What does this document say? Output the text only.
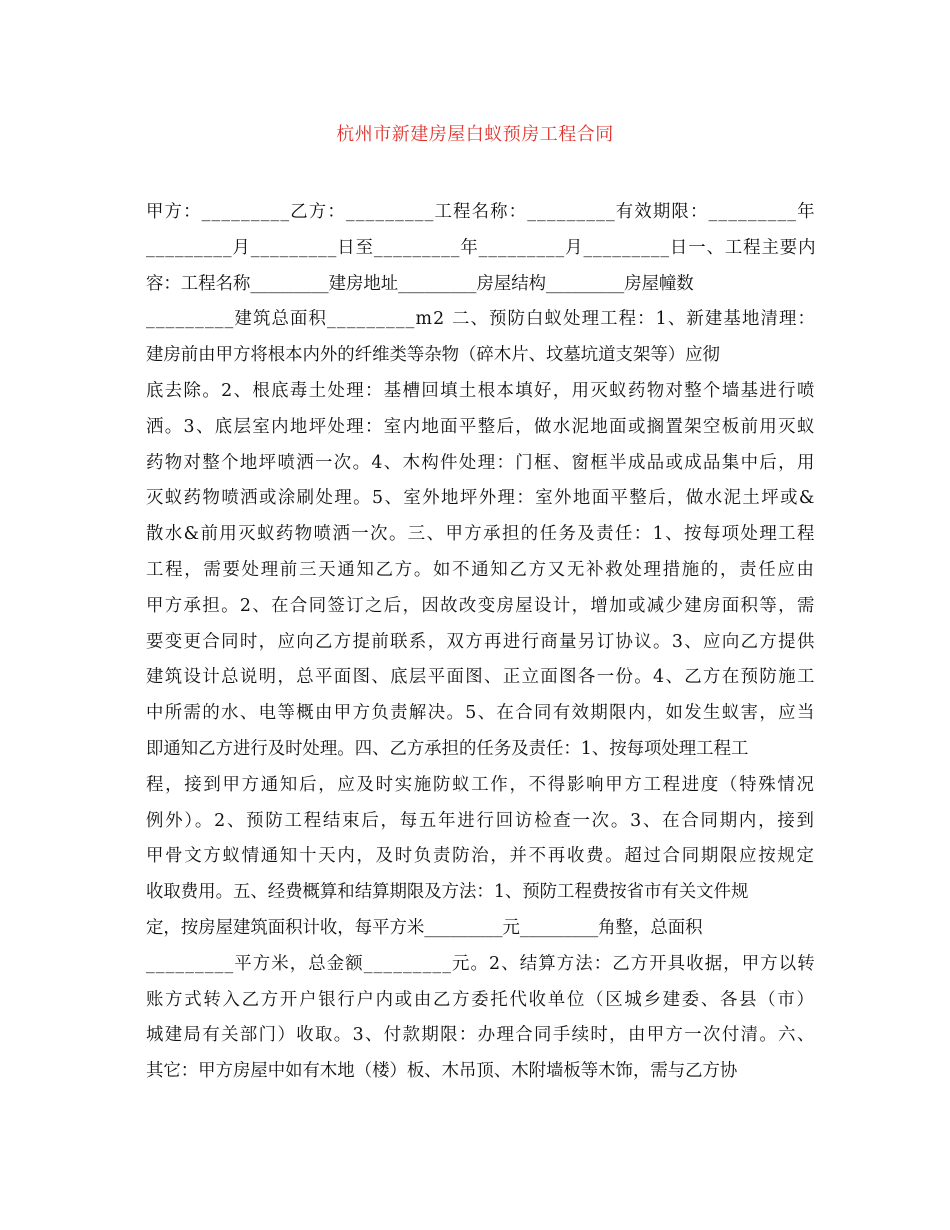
杭州市新建房屋白蚁预房工程合同
甲方：_________乙方：_________工程名称：_________有效期限：_________年
_________月_________日至_________年_________月_________日一、工程主要内
容：工程名称_________建房地址_________房屋结构_________房屋幢数
_________建筑总面积_________m2 二、预防白蚁处理工程：1、新建基地清理：
建房前由甲方将根本内外的纤维类等杂物（碎木片、坟墓坑道支架等）应彻
底去除。2、根底毒土处理：基槽回填土根本填好，用灭蚁药物对整个墙基进行喷
洒。3、底层室内地坪处理：室内地面平整后，做水泥地面或搁置架空板前用灭蚁
药物对整个地坪喷洒一次。4、木构件处理：门框、窗框半成品或成品集中后，用
灭蚁药物喷洒或涂刷处理。5、室外地坪外理：室外地面平整后，做水泥土坪或&
散水&前用灭蚁药物喷洒一次。三、甲方承担的任务及责任：1、按每项处理工程
工程，需要处理前三天通知乙方。如不通知乙方又无补救处理措施的，责任应由
甲方承担。2、在合同签订之后，因故改变房屋设计，增加或减少建房面积等，需
要变更合同时，应向乙方提前联系，双方再进行商量另订协议。3、应向乙方提供
建筑设计总说明，总平面图、底层平面图、正立面图各一份。4、乙方在预防施工
中所需的水、电等概由甲方负责解决。5、在合同有效期限内，如发生蚁害，应当
即通知乙方进行及时处理。四、乙方承担的任务及责任：1、按每项处理工程工
程，接到甲方通知后，应及时实施防蚁工作，不得影响甲方工程进度（特殊情况
例外）。2、预防工程结束后，每五年进行回访检查一次。3、在合同期内，接到
甲骨文方蚁情通知十天内，及时负责防治，并不再收费。超过合同期限应按规定
收取费用。五、经费概算和结算期限及方法：1、预防工程费按省市有关文件规
定，按房屋建筑面积计收，每平方米_________元_________角整，总面积
_________平方米，总金额_________元。2、结算方法：乙方开具收据，甲方以转
账方式转入乙方开户银行户内或由乙方委托代收单位（区城乡建委、各县（市）
城建局有关部门）收取。3、付款期限：办理合同手续时，由甲方一次付清。六、
其它：甲方房屋中如有木地（楼）板、木吊顶、木附墙板等木饰，需与乙方协
